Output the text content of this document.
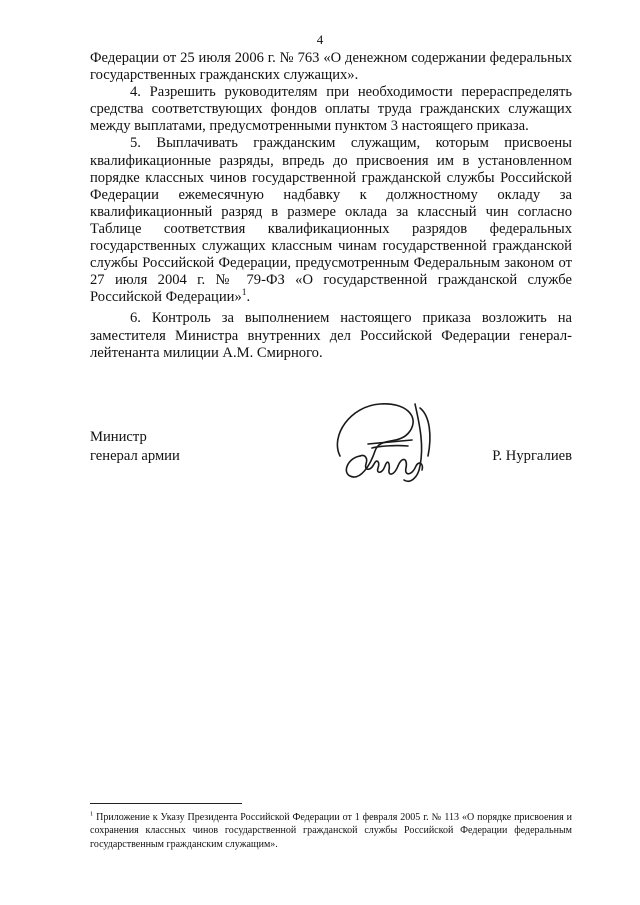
4

Федерации от 25 июля 2006 г. № 763 «О денежном содержании федеральных государственных гражданских служащих».

4. Разрешить руководителям при необходимости перераспределять средства соответствующих фондов оплаты труда гражданских служащих между выплатами, предусмотренными пунктом 3 настоящего приказа.

5. Выплачивать гражданским служащим, которым присвоены квалификационные разряды, впредь до присвоения им в установленном порядке классных чинов государственной гражданской службы Российской Федерации ежемесячную надбавку к должностному окладу за квалификационный разряд в размере оклада за классный чин согласно Таблице соответствия квалификационных разрядов федеральных государственных служащих классным чинам государственной гражданской службы Российской Федерации, предусмотренным Федеральным законом от 27 июля 2004 г. № 79-ФЗ «О государственной гражданской службе Российской Федерации»$^1$.

6. Контроль за выполнением настоящего приказа возложить на заместителя Министра внутренних дел Российской Федерации генерал-лейтенанта милиции А.М. Смирного.

Министр
генерал армии	Р. Нургалиев
$^1$ Приложение к Указу Президента Российской Федерации от 1 февраля 2005 г. № 113 «О порядке присвоения и сохранения классных чинов государственной гражданской службы Российской Федерации федеральным государственным гражданским служащим».
